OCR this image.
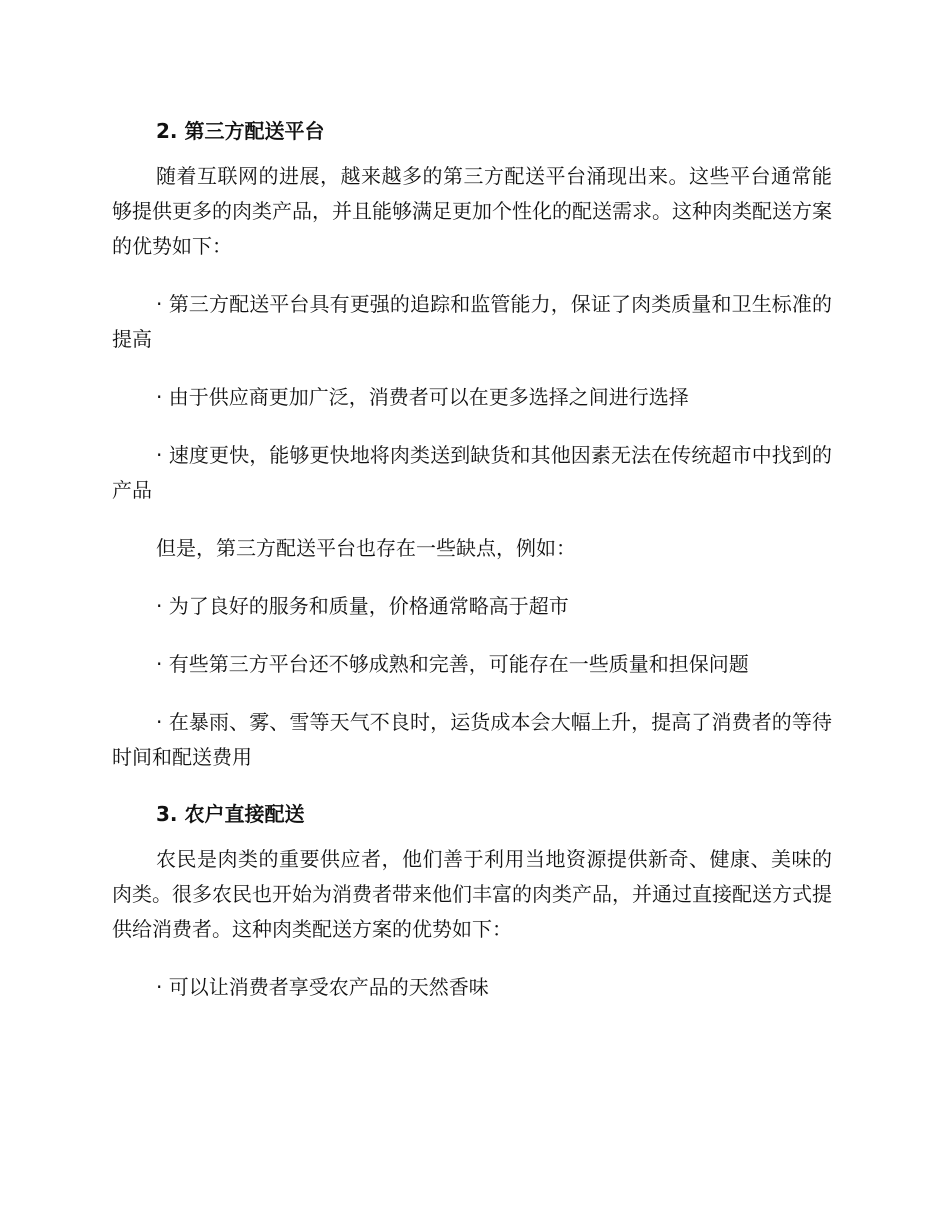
2. 第三方配送平台

随着互联网的进展，越来越多的第三方配送平台涌现出来。这些平台通常能够提供更多的肉类产品，并且能够满足更加个性化的配送需求。这种肉类配送方案的优势如下：

· 第三方配送平台具有更强的追踪和监管能力，保证了肉类质量和卫生标准的提高

· 由于供应商更加广泛，消费者可以在更多选择之间进行选择

· 速度更快，能够更快地将肉类送到缺货和其他因素无法在传统超市中找到的产品

但是，第三方配送平台也存在一些缺点，例如：

· 为了良好的服务和质量，价格通常略高于超市

· 有些第三方平台还不够成熟和完善，可能存在一些质量和担保问题

· 在暴雨、雾、雪等天气不良时，运货成本会大幅上升，提高了消费者的等待时间和配送费用

3. 农户直接配送

农民是肉类的重要供应者，他们善于利用当地资源提供新奇、健康、美味的肉类。很多农民也开始为消费者带来他们丰富的肉类产品，并通过直接配送方式提供给消费者。这种肉类配送方案的优势如下：

· 可以让消费者享受农产品的天然香味
